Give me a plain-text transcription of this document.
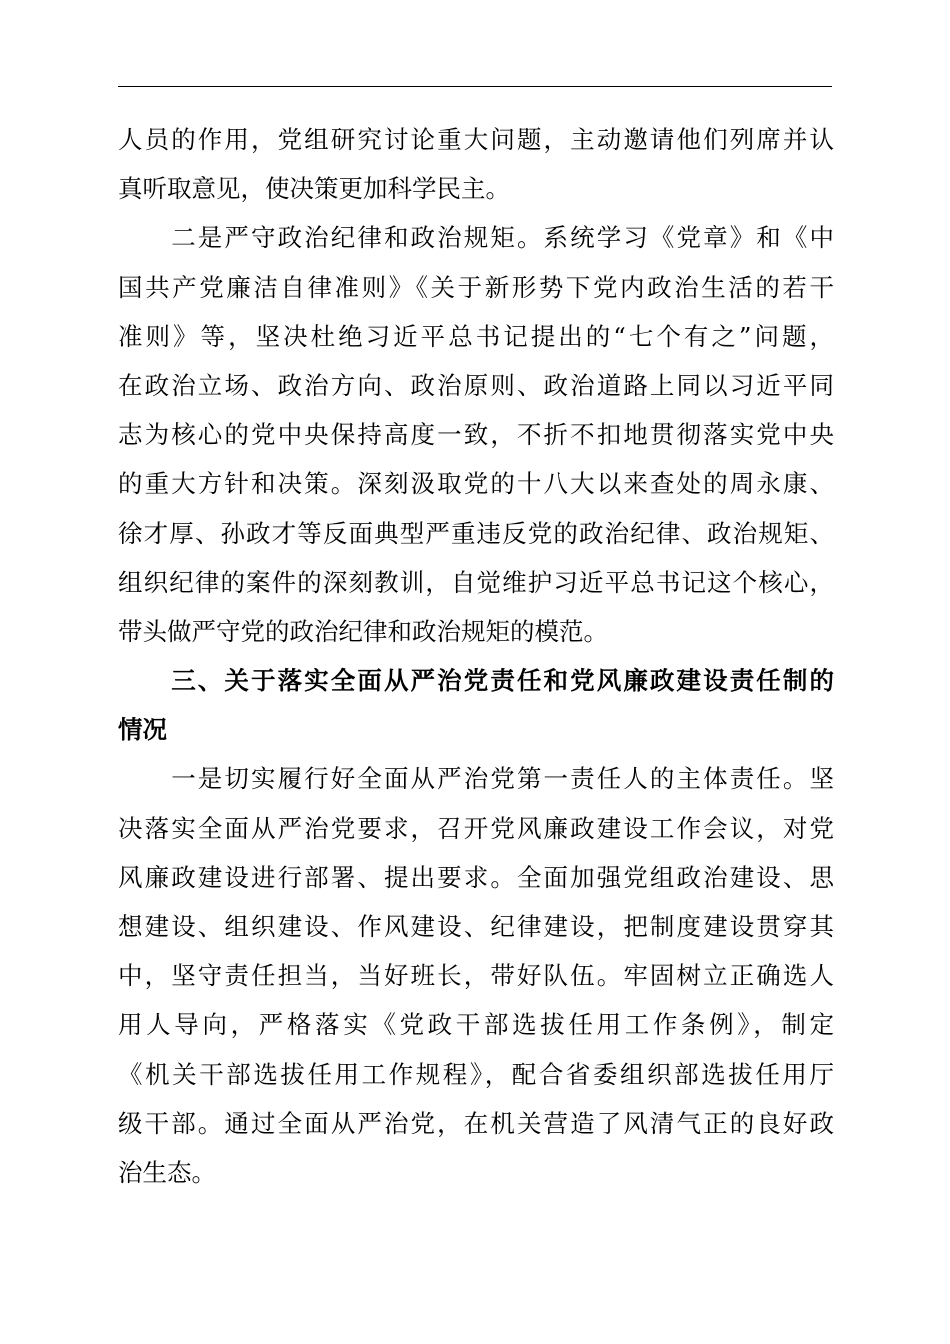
人员的作用，党组研究讨论重大问题，主动邀请他们列席并认
真听取意见，使决策更加科学民主。
　　二是严守政治纪律和政治规矩。系统学习《党章》和《中
国共产党廉洁自律准则》《关于新形势下党内政治生活的若干
准则》等，坚决杜绝习近平总书记提出的“七个有之”问题，
在政治立场、政治方向、政治原则、政治道路上同以习近平同
志为核心的党中央保持高度一致，不折不扣地贯彻落实党中央
的重大方针和决策。深刻汲取党的十八大以来查处的周永康、
徐才厚、孙政才等反面典型严重违反党的政治纪律、政治规矩、
组织纪律的案件的深刻教训，自觉维护习近平总书记这个核心，
带头做严守党的政治纪律和政治规矩的模范。
　　三、关于落实全面从严治党责任和党风廉政建设责任制的
情况
　　一是切实履行好全面从严治党第一责任人的主体责任。坚
决落实全面从严治党要求，召开党风廉政建设工作会议，对党
风廉政建设进行部署、提出要求。全面加强党组政治建设、思
想建设、组织建设、作风建设、纪律建设，把制度建设贯穿其
中，坚守责任担当，当好班长，带好队伍。牢固树立正确选人
用人导向，严格落实《党政干部选拔任用工作条例》，制定
《机关干部选拔任用工作规程》，配合省委组织部选拔任用厅
级干部。通过全面从严治党，在机关营造了风清气正的良好政
治生态。
